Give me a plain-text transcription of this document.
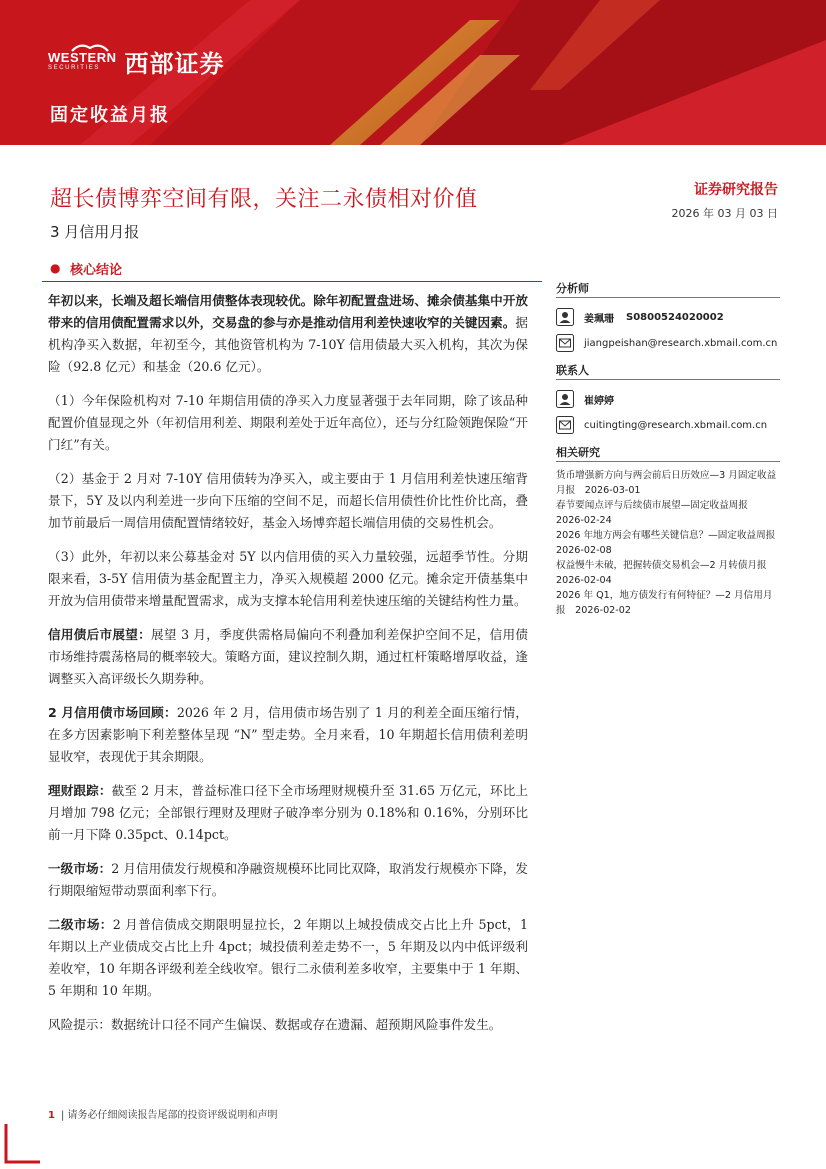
WESTERN
SECURITIES	西部证券
固定收益月报
超长债博弈空间有限，关注二永债相对价值
3 月信用月报
证券研究报告
2026 年 03 月 03 日
● 核心结论

年初以来，长端及超长端信用债整体表现较优。除年初配置盘进场、摊余债基集中开放带来的信用债配置需求以外，交易盘的参与亦是推动信用利差快速收窄的关键因素。据机构净买入数据，年初至今，其他资管机构为 7-10Y 信用债最大买入机构，其次为保险（92.8 亿元）和基金（20.6 亿元）。

（1）今年保险机构对 7-10 年期信用债的净买入力度显著强于去年同期，除了该品种配置价值显现之外（年初信用利差、期限利差处于近年高位），还与分红险领跑保险“开门红”有关。

（2）基金于 2 月对 7-10Y 信用债转为净买入，或主要由于 1 月信用利差快速压缩背景下，5Y 及以内利差进一步向下压缩的空间不足，而超长信用债性价比性价比高，叠加节前最后一周信用债配置情绪较好，基金入场博弈超长端信用债的交易性机会。

（3）此外，年初以来公募基金对 5Y 以内信用债的买入力量较强，远超季节性。分期限来看，3-5Y 信用债为基金配置主力，净买入规模超 2000 亿元。摊余定开债基集中开放为信用债带来增量配置需求，成为支撑本轮信用利差快速压缩的关键结构性力量。

信用债后市展望：展望 3 月，季度供需格局偏向不利叠加利差保护空间不足，信用债市场维持震荡格局的概率较大。策略方面，建议控制久期，通过杠杆策略增厚收益，逢调整买入高评级长久期券种。

2 月信用债市场回顾：2026 年 2 月，信用债市场告别了 1 月的利差全面压缩行情，在多方因素影响下利差整体呈现 “N” 型走势。全月来看，10 年期超长信用债利差明显收窄，表现优于其余期限。

理财跟踪：截至 2 月末，普益标准口径下全市场理财规模升至 31.65 万亿元，环比上月增加 798 亿元；全部银行理财及理财子破净率分别为 0.18%和 0.16%，分别环比前一月下降 0.35pct、0.14pct。

一级市场：2 月信用债发行规模和净融资规模环比同比双降，取消发行规模亦下降，发行期限缩短带动票面利率下行。

二级市场：2 月普信债成交期限明显拉长，2 年期以上城投债成交占比上升 5pct，1 年期以上产业债成交占比上升 4pct；城投债利差走势不一，5 年期及以内中低评级利差收窄，10 年期各评级利差全线收窄。银行二永债利差多收窄，主要集中于 1 年期、5 年期和 10 年期。

风险提示：数据统计口径不同产生偏误、数据或存在遗漏、超预期风险事件发生。

分析师
姜珮珊 S0800524020002
jiangpeishan@research.xbmail.com.cn
联系人
崔婷婷
cuitingting@research.xbmail.com.cn
相关研究
货币增强新方向与两会前后日历效应—3 月固定收益月报　2026-03-01
春节要闻点评与后续债市展望—固定收益周报　2026-02-24
2026 年地方两会有哪些关键信息？—固定收益周报　2026-02-08
权益慢牛未破，把握转债交易机会—2 月转债月报　2026-02-04
2026 年 Q1，地方债发行有何特征？—2 月信用月报　2026-02-02
1 | 请务必仔细阅读报告尾部的投资评级说明和声明
